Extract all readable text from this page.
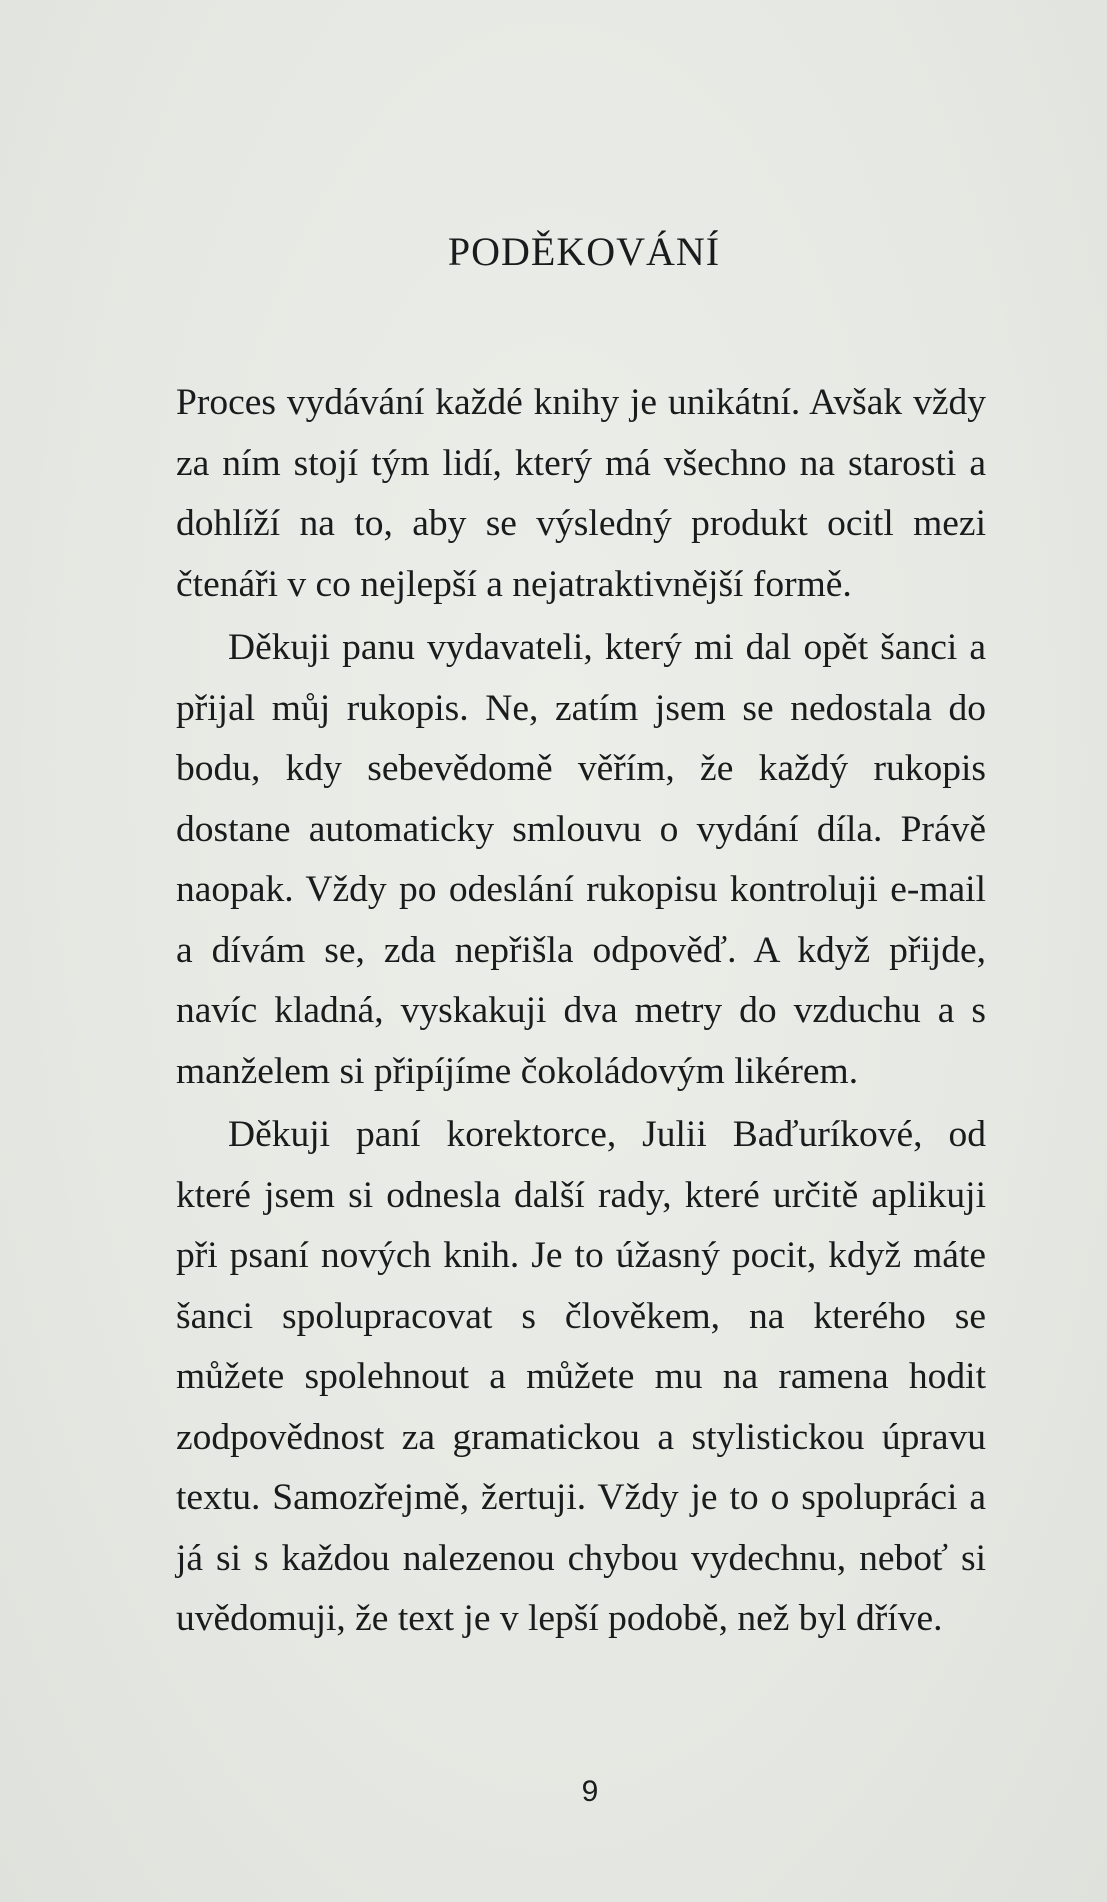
PODĚKOVÁNÍ

Proces vydávání každé knihy je unikátní. Avšak vždy za ním stojí tým lidí, který má všechno na starosti a dohlíží na to, aby se výsledný produkt ocitl mezi čtenáři v co nejlepší a nejatraktivnější formě.

Děkuji panu vydavateli, který mi dal opět šanci a přijal můj rukopis. Ne, zatím jsem se nedostala do bodu, kdy sebevědomě věřím, že každý rukopis dostane automaticky smlouvu o vydání díla. Právě naopak. Vždy po odeslání rukopisu kontroluji e-mail a dívám se, zda nepřišla odpověď. A když přijde, navíc kladná, vyskakuji dva metry do vzduchu a s manželem si připíjíme čokoládovým likérem.

Děkuji paní korektorce, Julii Baďuríkové, od které jsem si odnesla další rady, které určitě aplikuji při psaní nových knih. Je to úžasný pocit, když máte šanci spolupracovat s člověkem, na kterého se můžete spolehnout a můžete mu na ramena hodit zodpovědnost za gramatickou a stylistickou úpravu textu. Samozřejmě, žertuji. Vždy je to o spolupráci a já si s každou nalezenou chybou vydechnu, neboť si uvědomuji, že text je v lepší podobě, než byl dříve.

9
